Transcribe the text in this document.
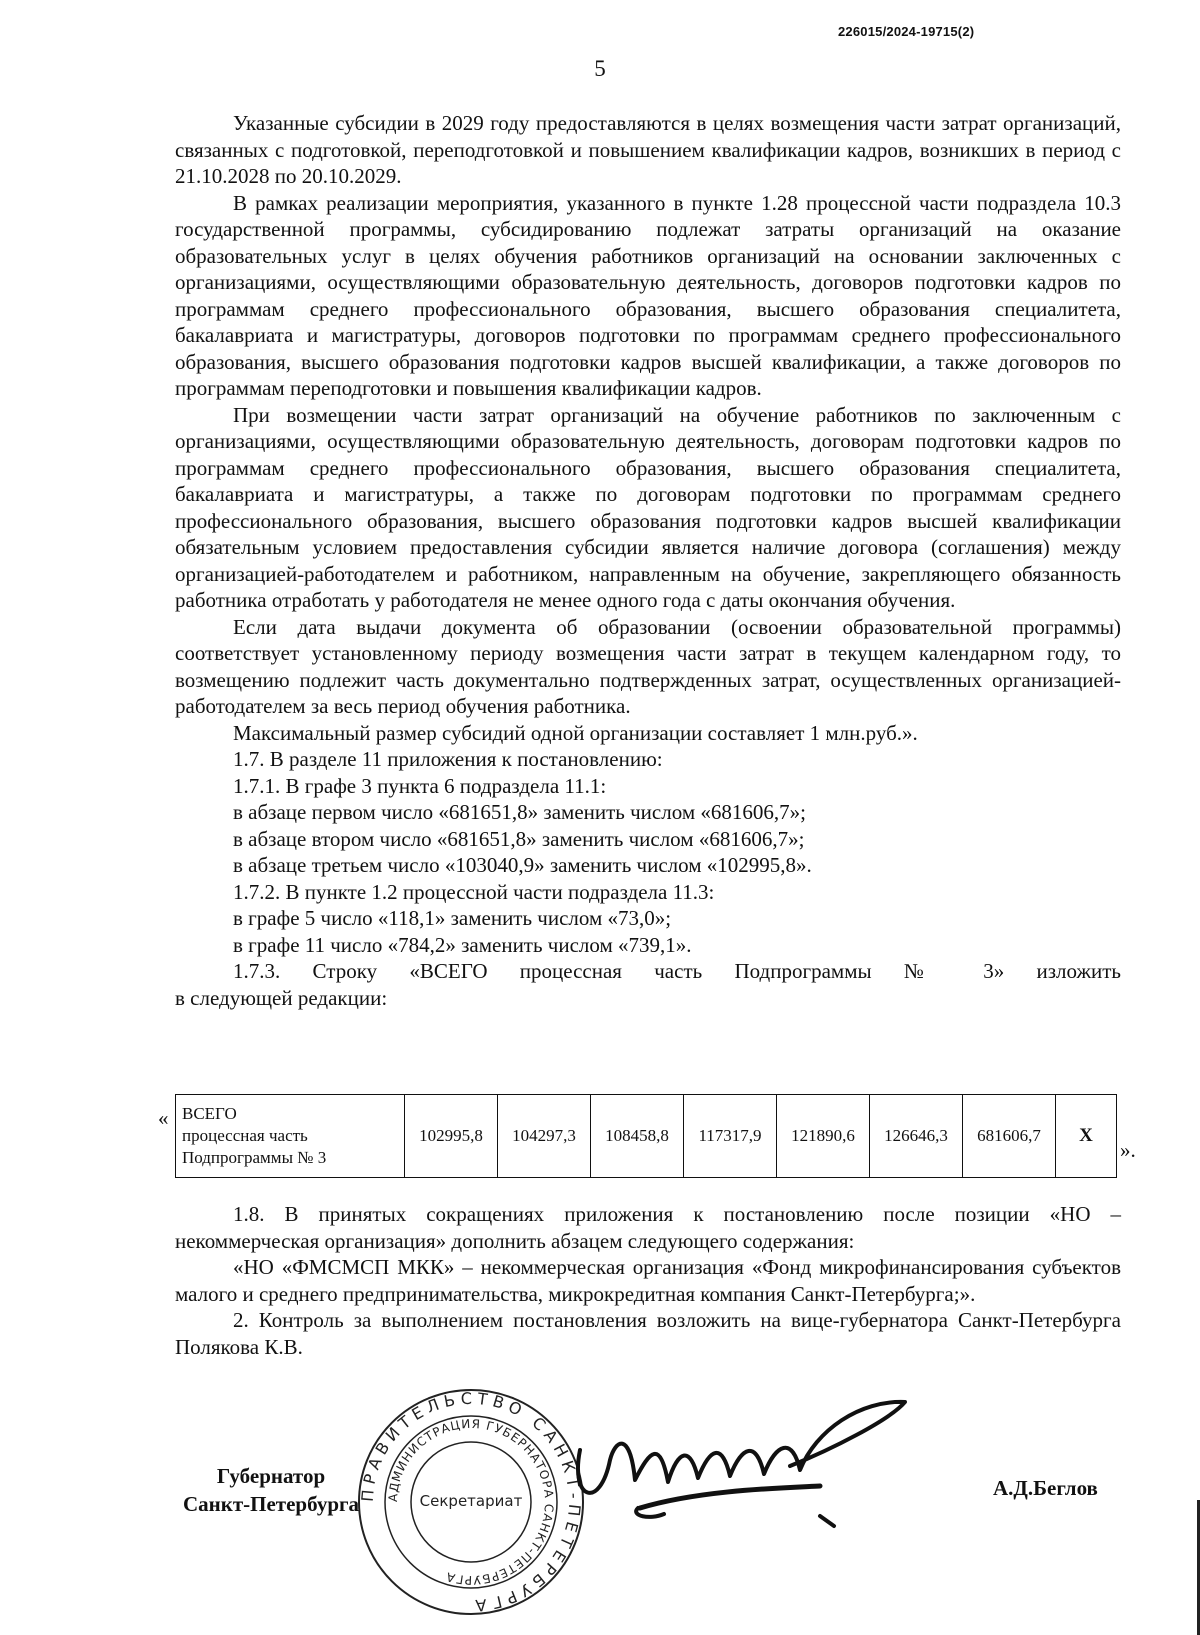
226015/2024-19715(2)
5

Указанные субсидии в 2029 году предоставляются в целях возмещения части затрат организаций, связанных с подготовкой, переподготовкой и повышением квалификации кадров, возникших в период с 21.10.2028 по 20.10.2029.

В рамках реализации мероприятия, указанного в пункте 1.28 процессной части подраздела 10.3 государственной программы, субсидированию подлежат затраты организаций на оказание образовательных услуг в целях обучения работников организаций на основании заключенных с организациями, осуществляющими образовательную деятельность, договоров подготовки кадров по программам среднего профессионального образования, высшего образования специалитета, бакалавриата и магистратуры, договоров подготовки по программам среднего профессионального образования, высшего образования подготовки кадров высшей квалификации, а также договоров по программам переподготовки и повышения квалификации кадров.

При возмещении части затрат организаций на обучение работников по заключенным с организациями, осуществляющими образовательную деятельность, договорам подготовки кадров по программам среднего профессионального образования, высшего образования специалитета, бакалавриата и магистратуры, а также по договорам подготовки по программам среднего профессионального образования, высшего образования подготовки кадров высшей квалификации обязательным условием предоставления субсидии является наличие договора (соглашения) между организацией-работодателем и работником, направленным на обучение, закрепляющего обязанность работника отработать у работодателя не менее одного года с даты окончания обучения.

Если дата выдачи документа об образовании (освоении образовательной программы) соответствует установленному периоду возмещения части затрат в текущем календарном году, то возмещению подлежит часть документально подтвержденных затрат, осуществленных организацией-работодателем за весь период обучения работника.

Максимальный размер субсидий одной организации составляет 1 млн.руб.».

1.7. В разделе 11 приложения к постановлению:

1.7.1. В графе 3 пункта 6 подраздела 11.1:

в абзаце первом число «681651,8» заменить числом «681606,7»;

в абзаце втором число «681651,8» заменить числом «681606,7»;

в абзаце третьем число «103040,9» заменить числом «102995,8».

1.7.2. В пункте 1.2 процессной части подраздела 11.3:

в графе 5 число «118,1» заменить числом «73,0»;

в графе 11 число «784,2» заменить числом «739,1».

1.7.3. Строку «ВСЕГО процессная часть Подпрограммы № 3» изложить

в следующей редакции:

« ВСЕГО
процессная часть
Подпрограммы № 3
	102995,8	104297,3	108458,8	117317,9	121890,6	126646,3	681606,7	X
».

1.8. В принятых сокращениях приложения к постановлению после позиции «НО – некоммерческая организация» дополнить абзацем следующего содержания:

«НО «ФМСМСП МКК» – некоммерческая организация «Фонд микрофинансирования субъектов малого и среднего предпринимательства, микрокредитная компания Санкт-Петербурга;».

2. Контроль за выполнением постановления возложить на вице-губернатора Санкт-Петербурга Полякова К.В.

Губернатор
Санкт-Петербурга
ПРАВИТЕЛЬСТВО САНКТ-ПЕТЕРБУРГА
АДМИНИСТРАЦИЯ ГУБЕРНАТОРА САНКТ-ПЕТЕРБУРГА
Секретариат
А.Д.Беглов
